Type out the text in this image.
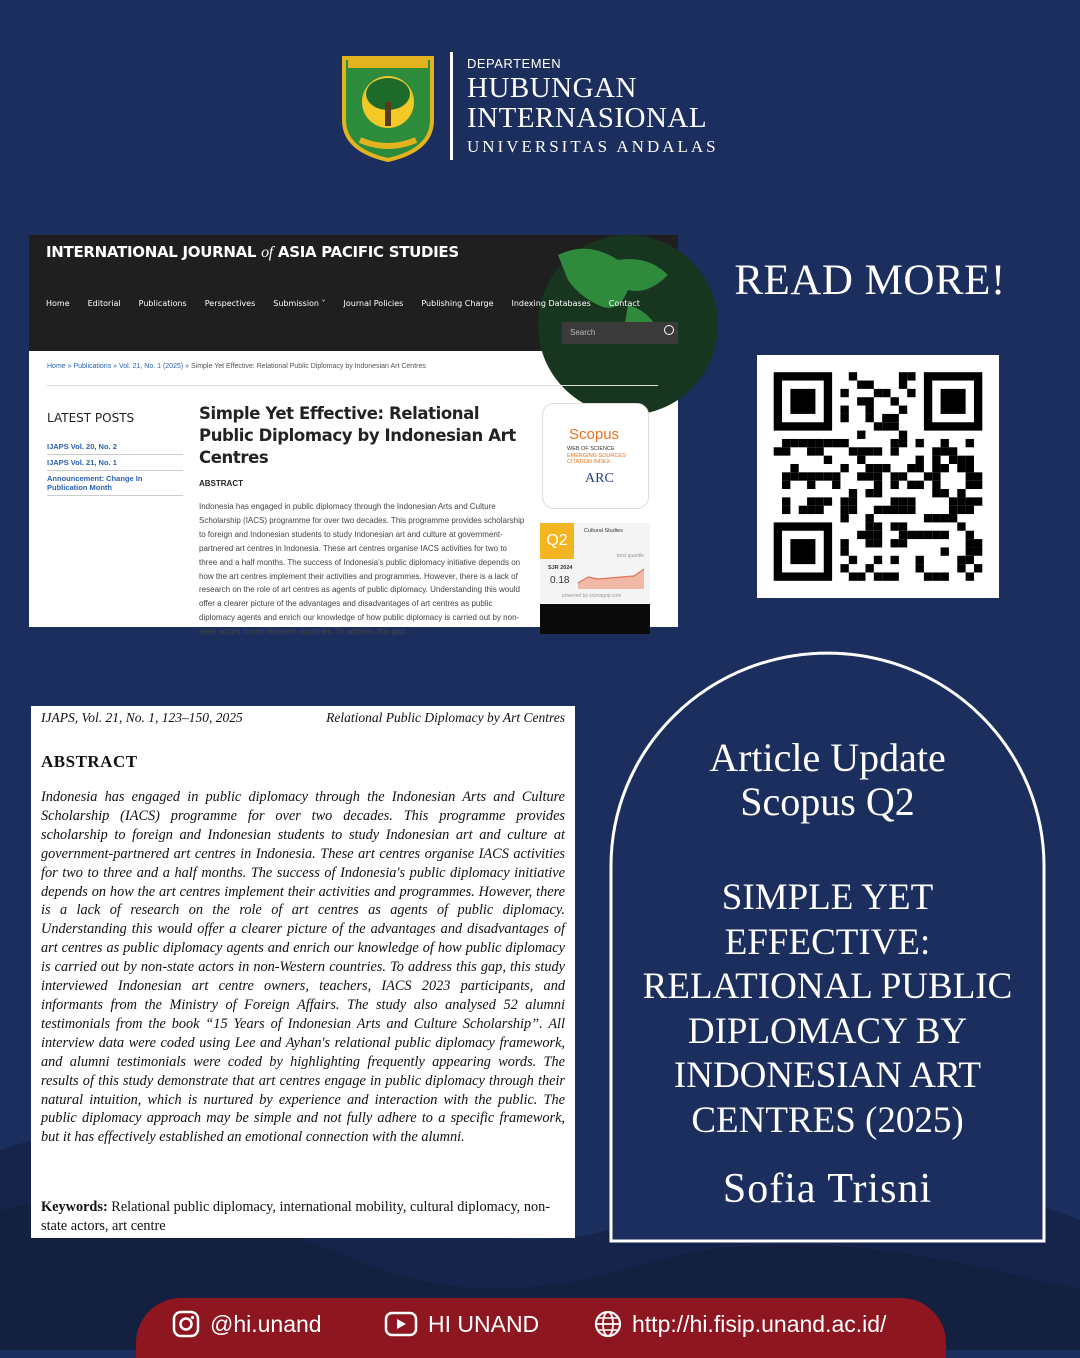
DEPARTEMEN
HUBUNGAN
INTERNASIONAL
UNIVERSITAS ANDALAS
INTERNATIONAL JOURNAL of ASIA PACIFIC STUDIES
Home Editorial Publications Perspectives Submission ˅ Journal Policies Publishing Charge Indexing Databases Contact
Search
Home » Publications » Vol. 21, No. 1 (2025) » Simple Yet Effective: Relational Public Diplomacy by Indonesian Art Centres
LATEST POSTS
IJAPS Vol. 20, No. 2
IJAPS Vol. 21, No. 1
Announcement: Change In Publication Month
Simple Yet Effective: Relational Public Diplomacy by Indonesian Art Centres
ABSTRACT

Indonesia has engaged in public diplomacy through the Indonesian Arts and Culture Scholarship (IACS) programme for over two decades. This programme provides scholarship to foreign and Indonesian students to study Indonesian art and culture at government-partnered art centres in Indonesia. These art centres organise IACS activities for two to three and a half months. The success of Indonesia's public diplomacy initiative depends on how the art centres implement their activities and programmes. However, there is a lack of research on the role of art centres as agents of public diplomacy. Understanding this would offer a clearer picture of the advantages and disadvantages of art centres as public diplomacy agents and enrich our knowledge of how public diplomacy is carried out by non-state actors in non-Western countries. To address this gap,

Scopus
WEB OF SCIENCE
EMERGING SOURCES CITATION INDEX
ARC
Q2
Cultural Studies
best quartile
SJR 2024
0.18
powered by scimagojr.com
READ MORE!
IJAPS, Vol. 21, No. 1, 123–150, 2025	Relational Public Diplomacy by Art Centres
ABSTRACT
Indonesia has engaged in public diplomacy through the Indonesian Arts and Culture Scholarship (IACS) programme for over two decades. This programme provides scholarship to foreign and Indonesian students to study Indonesian art and culture at government-partnered art centres in Indonesia. These art centres organise IACS activities for two to three and a half months. The success of Indonesia's public diplomacy initiative depends on how the art centres implement their activities and programmes. However, there is a lack of research on the role of art centres as agents of public diplomacy. Understanding this would offer a clearer picture of the advantages and disadvantages of art centres as public diplomacy agents and enrich our knowledge of how public diplomacy is carried out by non-state actors in non-Western countries. To address this gap, this study interviewed Indonesian art centre owners, teachers, IACS 2023 participants, and informants from the Ministry of Foreign Affairs. The study also analysed 52 alumni testimonials from the book “15 Years of Indonesian Arts and Culture Scholarship”. All interview data were coded using Lee and Ayhan's relational public diplomacy framework, and alumni testimonials were coded by highlighting frequently appearing words. The results of this study demonstrate that art centres engage in public diplomacy through their natural intuition, which is nurtured by experience and interaction with the public. The public diplomacy approach may be simple and not fully adhere to a specific framework, but it has effectively established an emotional connection with the alumni.
Keywords: Relational public diplomacy, international mobility, cultural diplomacy, non-state actors, art centre
Article Update
Scopus Q2
SIMPLE YET
EFFECTIVE:
RELATIONAL PUBLIC
DIPLOMACY BY
INDONESIAN ART
CENTRES (2025)
Sofia Trisni
@hi.unand	HI UNAND	http://hi.fisip.unand.ac.id/
